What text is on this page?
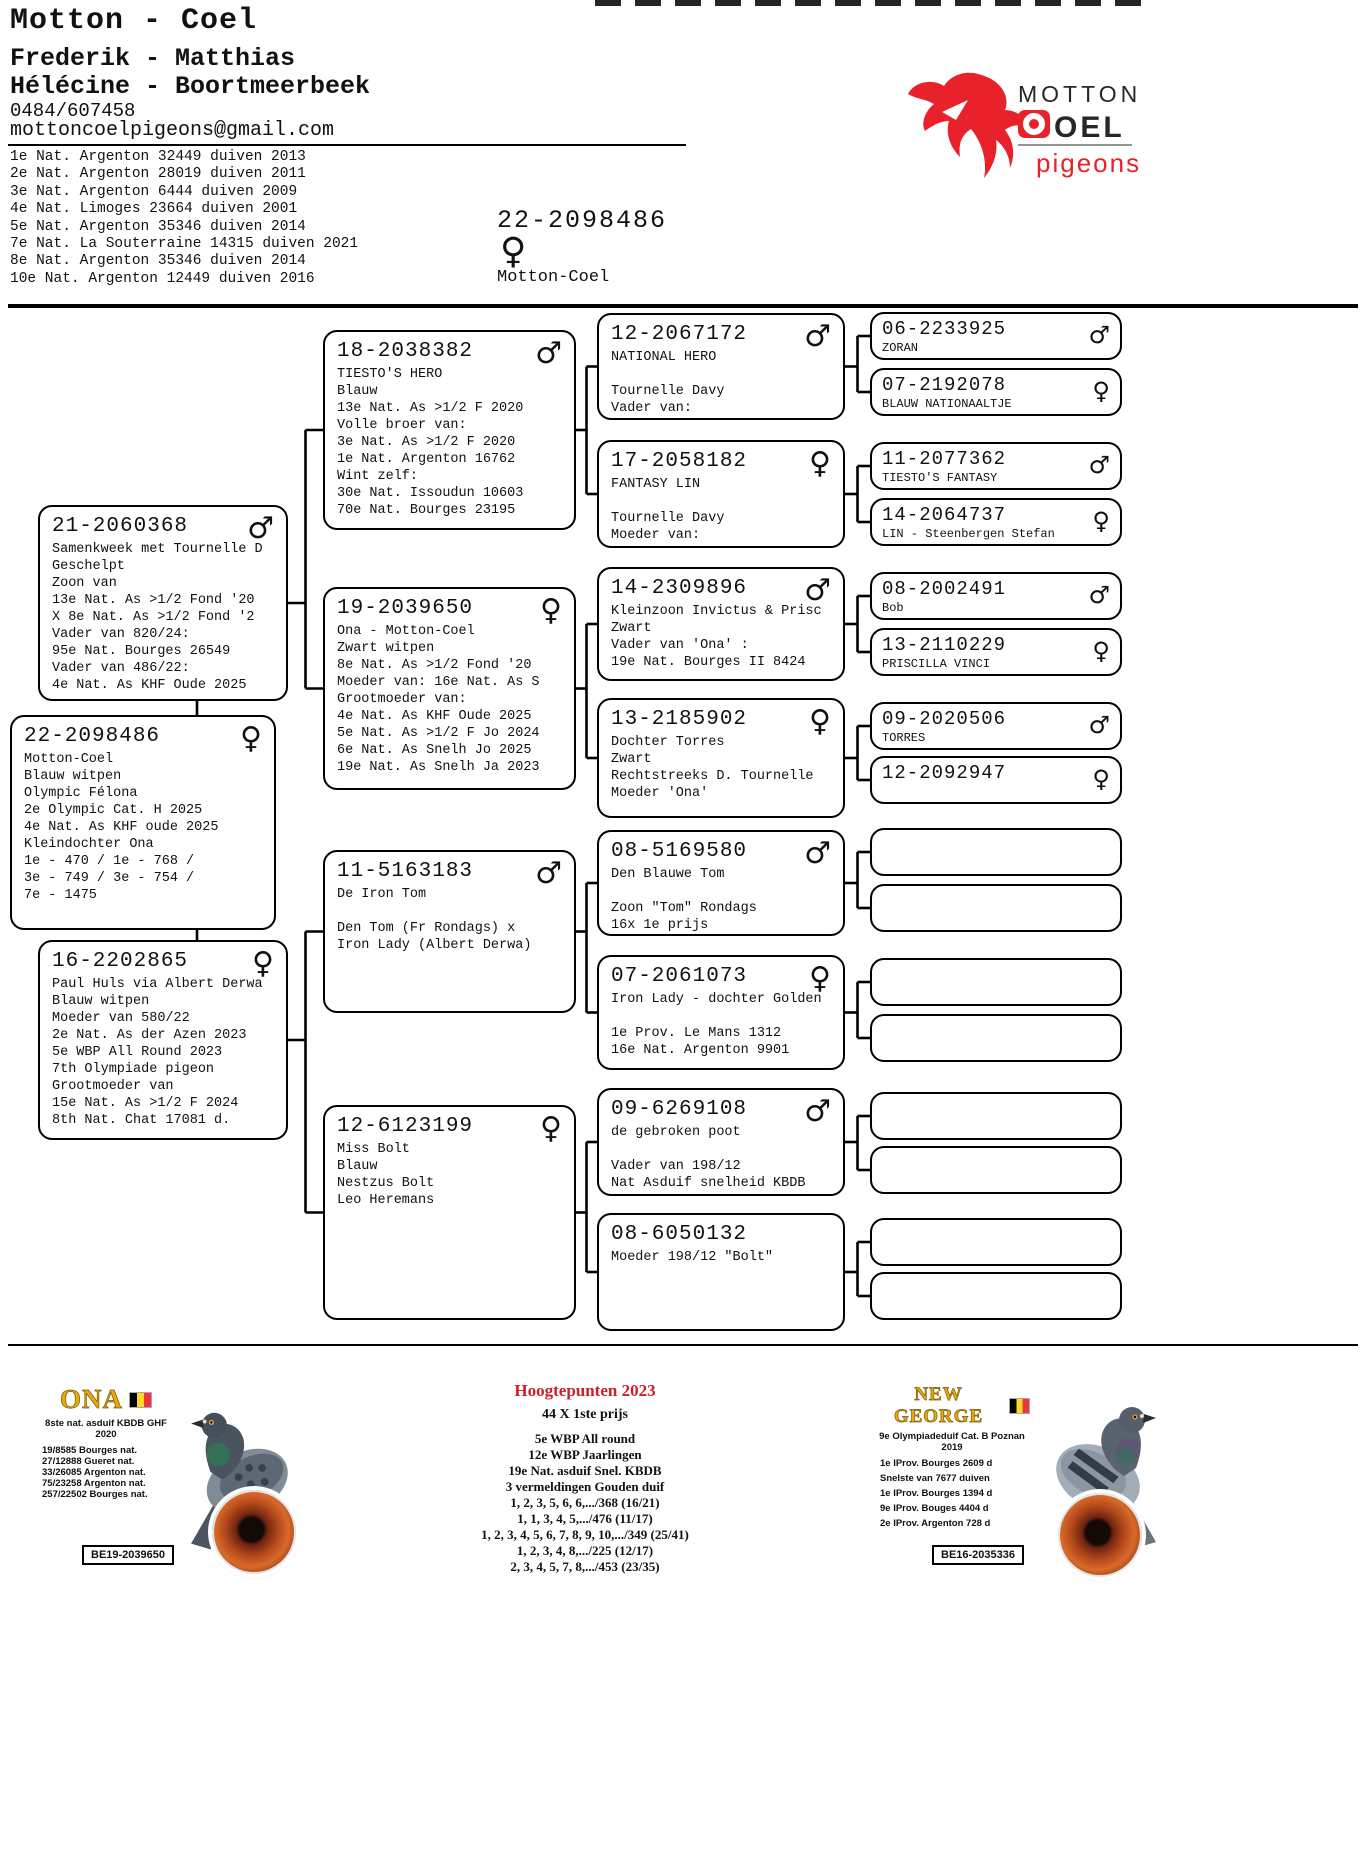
Motton - Coel
Frederik - Matthias
Hélécine - Boortmeerbeek
0484/607458
mottoncoelpigeons@gmail.com
1e Nat. Argenton 32449 duiven 2013
2e Nat. Argenton 28019 duiven 2011
3e Nat. Argenton 6444 duiven 2009
4e Nat. Limoges 23664 duiven 2001
5e Nat. Argenton 35346 duiven 2014
7e Nat. La Souterraine 14315 duiven 2021
8e Nat. Argenton 35346 duiven 2014
10e Nat. Argenton 12449 duiven 2016
22-2098486
♀
Motton-Coel
MOTTON
OEL
pigeons
21-2060368	♂
Samenkweek met Tournelle D
Geschelpt
Zoon van
13e Nat. As >1/2 Fond '20
X 8e Nat. As >1/2 Fond '2
Vader van 820/24:
95e Nat. Bourges 26549
Vader van 486/22:
4e Nat. As KHF Oude 2025
22-2098486	♀
Motton-Coel
Blauw witpen
Olympic Félona
2e Olympic Cat. H 2025
4e Nat. As KHF oude 2025
Kleindochter Ona
1e - 470 / 1e - 768 /
3e - 749 / 3e - 754 /
7e - 1475
16-2202865	♀
Paul Huls via Albert Derwa
Blauw witpen
Moeder van 580/22
2e Nat. As der Azen 2023
5e WBP All Round 2023
7th Olympiade pigeon
Grootmoeder van
15e Nat. As >1/2 F 2024
8th Nat. Chat 17081 d.
18-2038382	♂
TIESTO'S HERO
Blauw
13e Nat. As >1/2 F 2020
Volle broer van:
3e Nat. As >1/2 F 2020
1e Nat. Argenton 16762
Wint zelf:
30e Nat. Issoudun 10603
70e Nat. Bourges 23195
19-2039650	♀
Ona - Motton-Coel
Zwart witpen
8e Nat. As >1/2 Fond '20
Moeder van: 16e Nat. As S
Grootmoeder van:
4e Nat. As KHF Oude 2025
5e Nat. As >1/2 F Jo 2024
6e Nat. As Snelh Jo 2025
19e Nat. As Snelh Ja 2023
11-5163183	♂
De Iron Tom

Den Tom (Fr Rondags) x
Iron Lady (Albert Derwa)
12-6123199	♀
Miss Bolt
Blauw
Nestzus Bolt
Leo Heremans
12-2067172	♂
NATIONAL HERO

Tournelle Davy
Vader van:
17-2058182	♀
FANTASY LIN

Tournelle Davy
Moeder van:
14-2309896	♂
Kleinzoon Invictus & Prisc
Zwart
Vader van 'Ona' :
19e Nat. Bourges II 8424
13-2185902	♀
Dochter Torres
Zwart
Rechtstreeks D. Tournelle
Moeder 'Ona'
08-5169580	♂
Den Blauwe Tom

Zoon "Tom" Rondags
16x 1e prijs
07-2061073	♀
Iron Lady - dochter Golden

1e Prov. Le Mans 1312
16e Nat. Argenton 9901
09-6269108	♂
de gebroken poot

Vader van 198/12
Nat Asduif snelheid KBDB
08-6050132
Moeder 198/12 "Bolt"
06-2233925	♂
ZORAN
07-2192078	♀
BLAUW NATIONAALTJE
11-2077362	♂
TIESTO'S FANTASY
14-2064737	♀
LIN - Steenbergen Stefan
08-2002491	♂
Bob
13-2110229	♀
PRISCILLA VINCI
09-2020506	♂
TORRES
12-2092947	♀
ONA
8ste nat. asduif KBDB GHF 2020
19/8585 Bourges nat.
27/12888 Gueret nat.
33/26085 Argenton nat.
75/23258 Argenton nat.
257/22502 Bourges nat.
Hoogtepunten 2023
44 X 1ste prijs
5e WBP All round
12e WBP Jaarlingen
19e Nat. asduif Snel. KBDB
3 vermeldingen Gouden duif
1, 2, 3, 5, 6, 6,.../368 (16/21)
1, 1, 3, 4, 5,.../476 (11/17)
1, 2, 3, 4, 5, 6, 7, 8, 9, 10,.../349 (25/41)
1, 2, 3, 4, 8,.../225 (12/17)
2, 3, 4, 5, 7, 8,.../453 (23/35)
NEW GEORGE
9e Olympiadeduif Cat. B Poznan 2019
1e IProv. Bourges 2609 d
Snelste van 7677 duiven
1e IProv. Bourges 1394 d
9e IProv. Bouges 4404 d
2e IProv. Argenton 728 d
BE19-2039650	BE16-2035336
